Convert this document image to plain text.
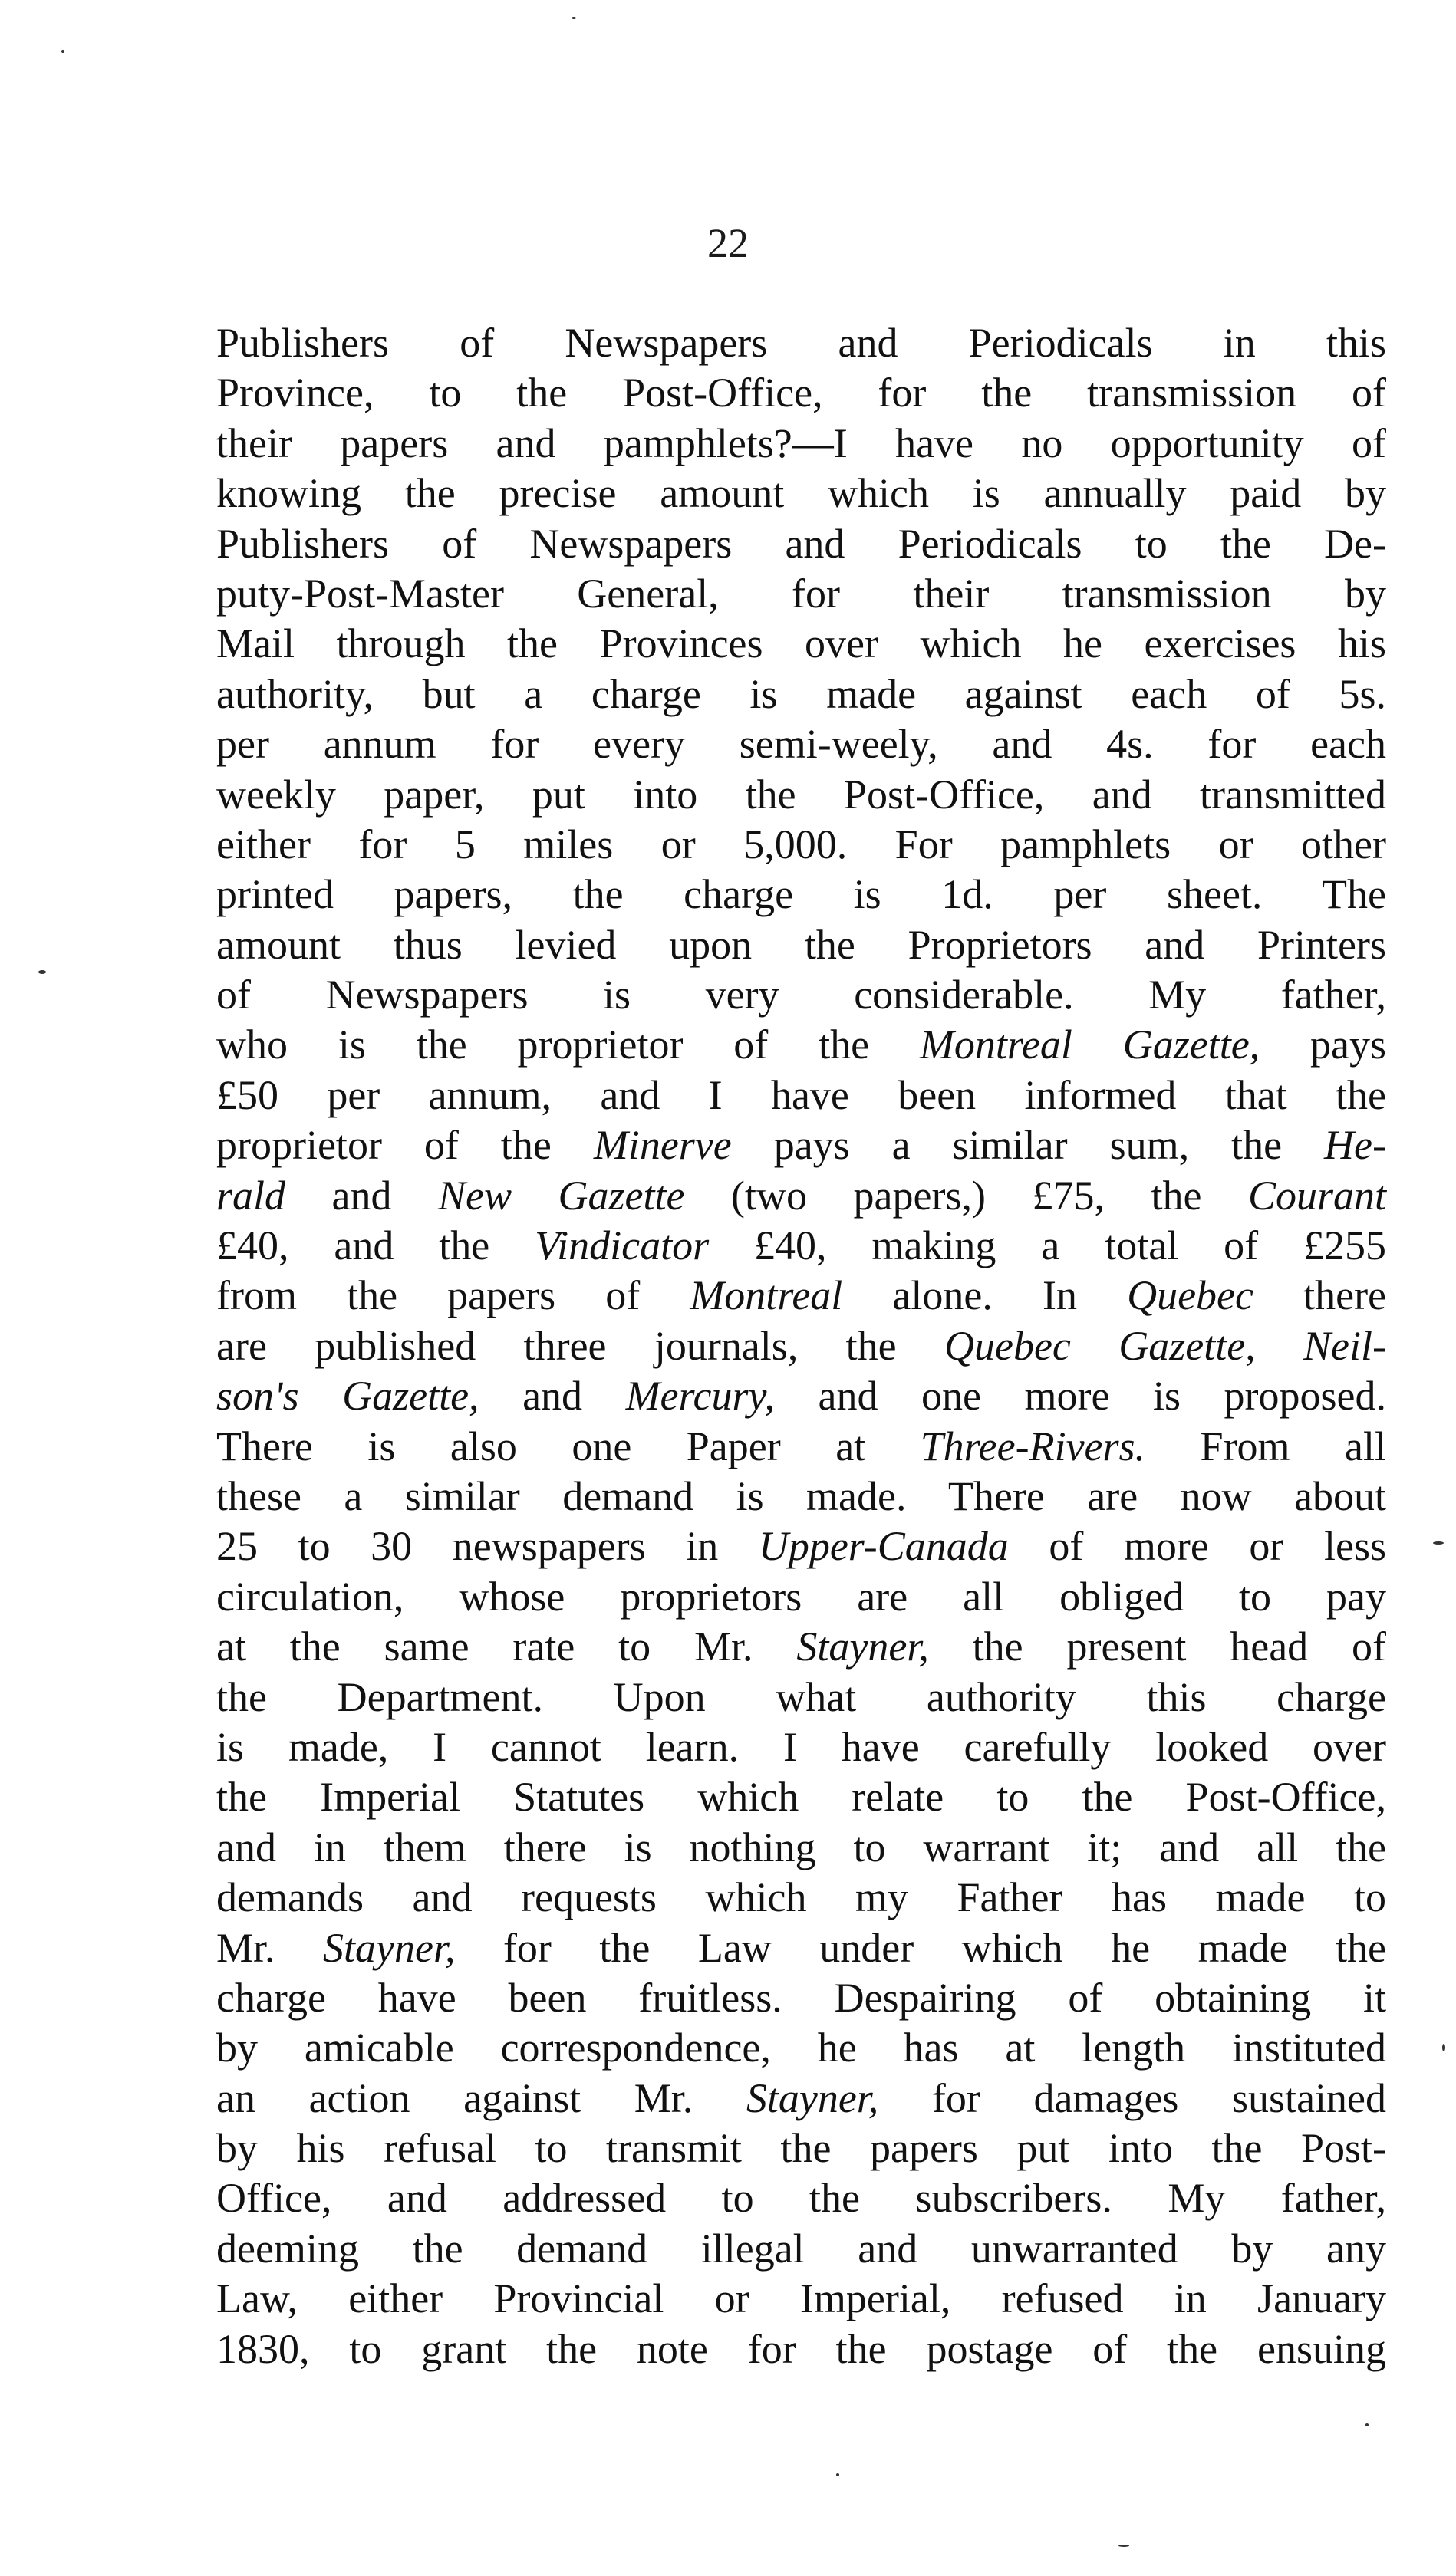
22
Publishers of Newspapers and Periodicals in this
Province, to the Post-Office, for the transmission of
their papers and pamphlets?—I have no opportunity of
knowing the precise amount which is annually paid by
Publishers of Newspapers and Periodicals to the De-
puty-Post-Master General, for their transmission by
Mail through the Provinces over which he exercises his
authority, but a charge is made against each of 5s.
per annum for every semi-weely, and 4s. for each
weekly paper, put into the Post-Office, and transmitted
either for 5 miles or 5,000. For pamphlets or other
printed papers, the charge is 1d. per sheet. The
amount thus levied upon the Proprietors and Printers
of Newspapers is very considerable. My father,
who is the proprietor of the Montreal Gazette, pays
£50 per annum, and I have been informed that the
proprietor of the Minerve pays a similar sum, the He-
rald and New Gazette (two papers,) £75, the Courant
£40, and the Vindicator £40, making a total of £255
from the papers of Montreal alone. In Quebec there
are published three journals, the Quebec Gazette, Neil-
son's Gazette, and Mercury, and one more is proposed.
There is also one Paper at Three-Rivers. From all
these a similar demand is made. There are now about
25 to 30 newspapers in Upper-Canada of more or less
circulation, whose proprietors are all obliged to pay
at the same rate to Mr. Stayner, the present head of
the Department. Upon what authority this charge
is made, I cannot learn. I have carefully looked over
the Imperial Statutes which relate to the Post-Office,
and in them there is nothing to warrant it; and all the
demands and requests which my Father has made to
Mr. Stayner, for the Law under which he made the
charge have been fruitless. Despairing of obtaining it
by amicable correspondence, he has at length instituted
an action against Mr. Stayner, for damages sustained
by his refusal to transmit the papers put into the Post-
Office, and addressed to the subscribers. My father,
deeming the demand illegal and unwarranted by any
Law, either Provincial or Imperial, refused in January
1830, to grant the note for the postage of the ensuing
